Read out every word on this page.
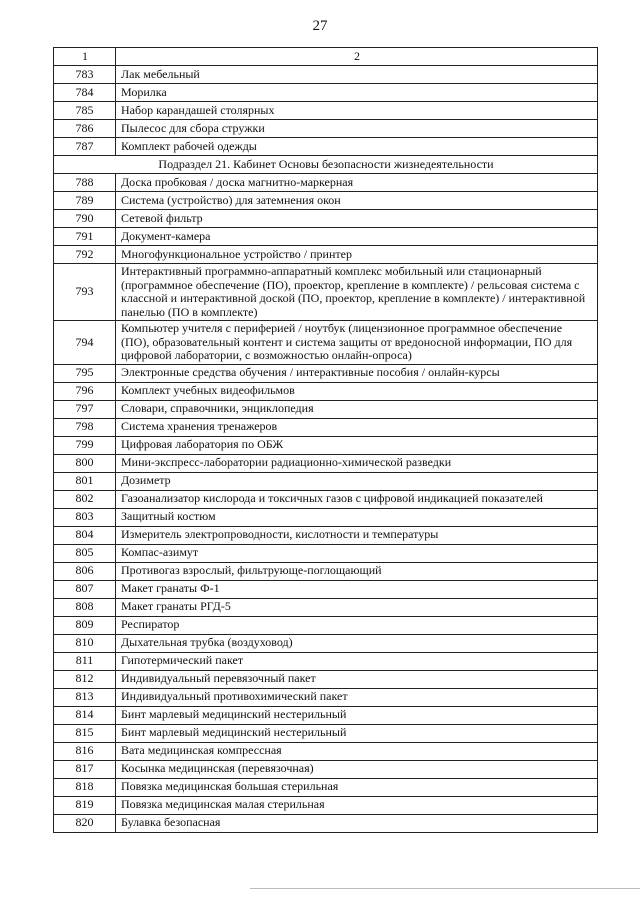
27
1	2
783	Лак мебельный
784	Морилка
785	Набор карандашей столярных
786	Пылесос для сбора стружки
787	Комплект рабочей одежды
Подраздел 21. Кабинет Основы безопасности жизнедеятельности	
788	Доска пробковая / доска магнитно-маркерная
789	Система (устройство) для затемнения окон
790	Сетевой фильтр
791	Документ-камера
792	Многофункциональное устройство / принтер
793	Интерактивный программно-аппаратный комплекс мобильный или стационарный (программное обеспечение (ПО), проектор, крепление в комплекте) / рельсовая система с классной и интерактивной доской (ПО, проектор, крепление в комплекте) / интерактивной панелью (ПО в комплекте)
794	Компьютер учителя с периферией / ноутбук (лицензионное программное обеспечение (ПО), образовательный контент и система защиты от вредоносной информации, ПО для цифровой лаборатории, с возможностью онлайн-опроса)
795	Электронные средства обучения / интерактивные пособия / онлайн-курсы
796	Комплект учебных видеофильмов
797	Словари, справочники, энциклопедия
798	Система хранения тренажеров
799	Цифровая лаборатория по ОБЖ
800	Мини-экспресс-лаборатории радиационно-химической разведки
801	Дозиметр
802	Газоанализатор кислорода и токсичных газов с цифровой индикацией показателей
803	Защитный костюм
804	Измеритель электропроводности, кислотности и температуры
805	Компас-азимут
806	Противогаз взрослый, фильтрующе-поглощающий
807	Макет гранаты Ф-1
808	Макет гранаты РГД-5
809	Респиратор
810	Дыхательная трубка (воздуховод)
811	Гипотермический пакет
812	Индивидуальный перевязочный пакет
813	Индивидуальный противохимический пакет
814	Бинт марлевый медицинский нестерильный
815	Бинт марлевый медицинский нестерильный
816	Вата медицинская компрессная
817	Косынка медицинская (перевязочная)
818	Повязка медицинская большая стерильная
819	Повязка медицинская малая стерильная
820	Булавка безопасная
